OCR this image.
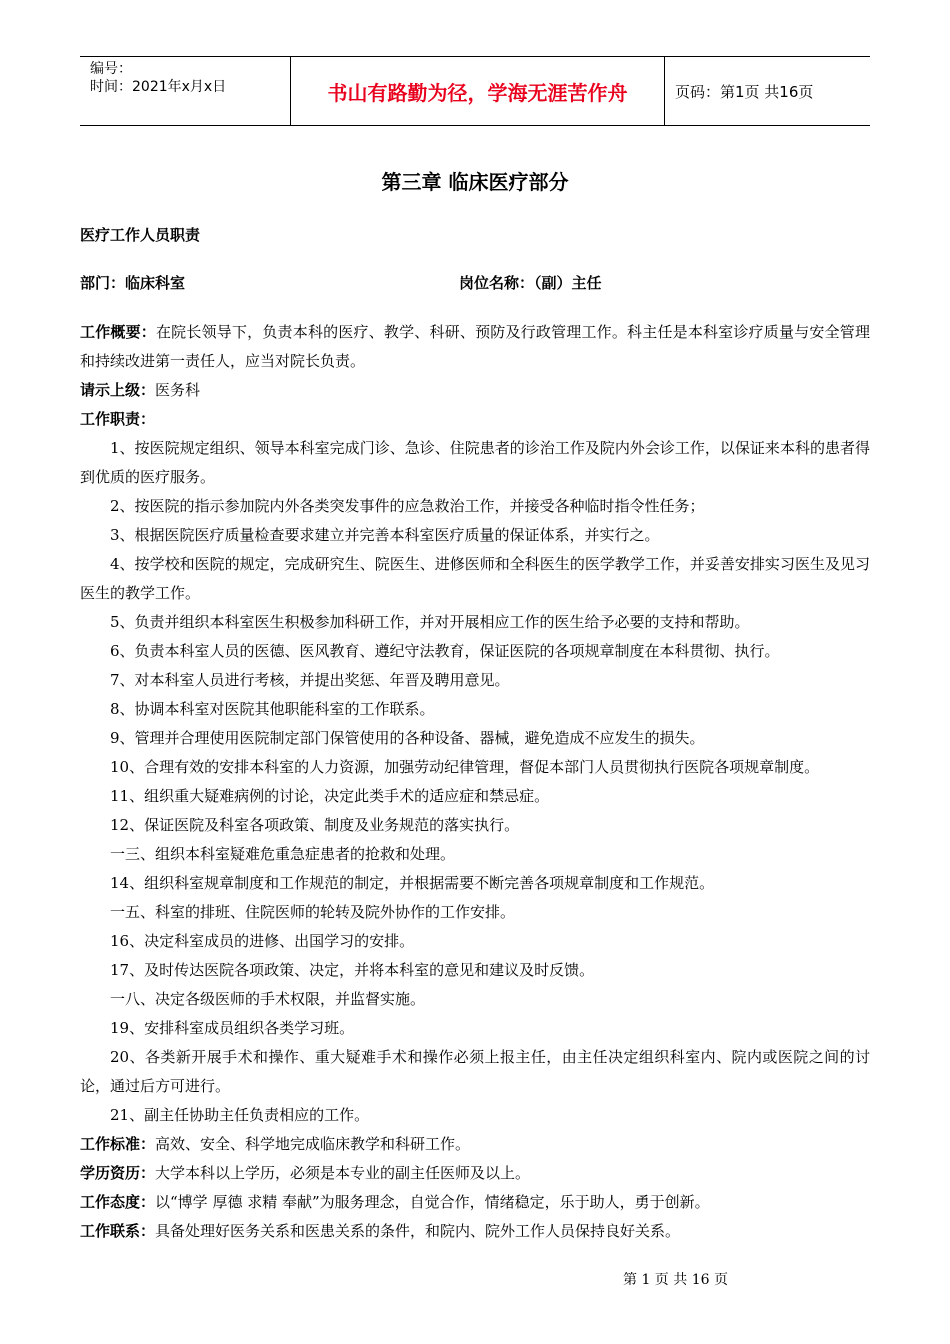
编号：
时间：2021年x月x日	书山有路勤为径，学海无涯苦作舟	页码：第1页 共16页
第三章 临床医疗部分
医疗工作人员职责
部门：临床科室	岗位名称：（副）主任

工作概要：在院长领导下，负责本科的医疗、教学、科研、预防及行政管理工作。科主任是本科室诊疗质量与安全管理和持续改进第一责任人，应当对院长负责。

请示上级：医务科

工作职责：

1、按医院规定组织、领导本科室完成门诊、急诊、住院患者的诊治工作及院内外会诊工作，以保证来本科的患者得到优质的医疗服务。

2、按医院的指示参加院内外各类突发事件的应急救治工作，并接受各种临时指令性任务；

3、根据医院医疗质量检查要求建立并完善本科室医疗质量的保证体系，并实行之。

4、按学校和医院的规定，完成研究生、院医生、进修医师和全科医生的医学教学工作，并妥善安排实习医生及见习医生的教学工作。

5、负责并组织本科室医生积极参加科研工作，并对开展相应工作的医生给予必要的支持和帮助。

6、负责本科室人员的医德、医风教育、遵纪守法教育，保证医院的各项规章制度在本科贯彻、执行。

7、对本科室人员进行考核，并提出奖惩、年晋及聘用意见。

8、协调本科室对医院其他职能科室的工作联系。

9、管理并合理使用医院制定部门保管使用的各种设备、器械，避免造成不应发生的损失。

10、合理有效的安排本科室的人力资源，加强劳动纪律管理，督促本部门人员贯彻执行医院各项规章制度。

11、组织重大疑难病例的讨论，决定此类手术的适应症和禁忌症。

12、保证医院及科室各项政策、制度及业务规范的落实执行。

一三、组织本科室疑难危重急症患者的抢救和处理。

14、组织科室规章制度和工作规范的制定，并根据需要不断完善各项规章制度和工作规范。

一五、科室的排班、住院医师的轮转及院外协作的工作安排。

16、决定科室成员的进修、出国学习的安排。

17、及时传达医院各项政策、决定，并将本科室的意见和建议及时反馈。

一八、决定各级医师的手术权限，并监督实施。

19、安排科室成员组织各类学习班。

20、各类新开展手术和操作、重大疑难手术和操作必须上报主任，由主任决定组织科室内、院内或医院之间的讨论，通过后方可进行。

21、副主任协助主任负责相应的工作。

工作标准：高效、安全、科学地完成临床教学和科研工作。

学历资历：大学本科以上学历，必须是本专业的副主任医师及以上。

工作态度：以“博学 厚德 求精 奉献”为服务理念，自觉合作，情绪稳定，乐于助人，勇于创新。

工作联系：具备处理好医务关系和医患关系的条件，和院内、院外工作人员保持良好关系。

第 1 页 共 16 页
